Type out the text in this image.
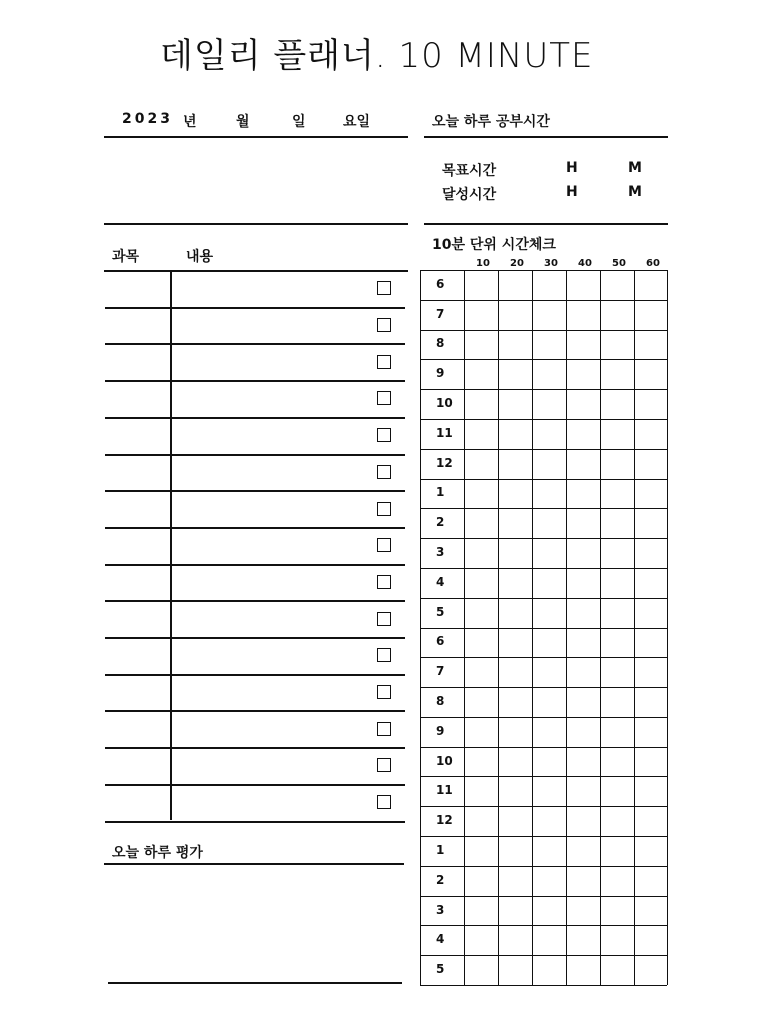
데일리 플래너. 10 MINUTE
2023 년	월	일	요일	오늘 하루 공부시간
목표시간	H	M
달성시간	H	M
과목	내용
오늘 하루 평가
10분 단위 시간체크
10 20 30 40 50 60
6
7
8
9
10
11
12
1
2
3
4
5
6
7
8
9
10
11
12
1
2
3
4
5
